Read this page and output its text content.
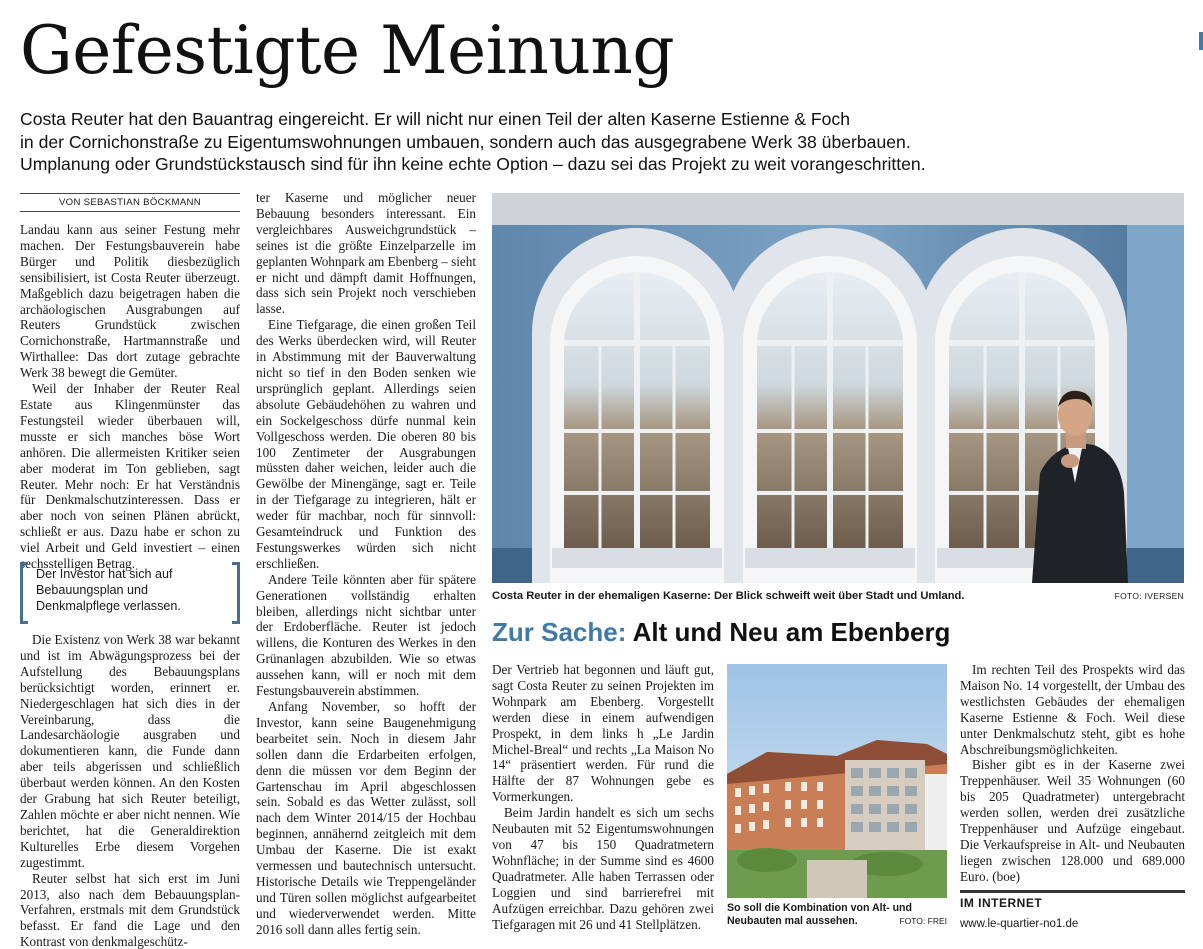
Gefestigte Meinung

Costa Reuter hat den Bauantrag eingereicht. Er will nicht nur einen Teil der alten Kaserne Estienne & Foch

in der Cornichonstraße zu Eigentumswohnungen umbauen, sondern auch das ausgegrabene Werk 38 überbauen.

Umplanung oder Grundstückstausch sind für ihn keine echte Option – dazu sei das Projekt zu weit vorangeschritten.

VON SEBASTIAN BÖCKMANN

Landau kann aus seiner Festung mehr machen. Der Festungsbauverein habe Bürger und Politik diesbezüglich sensibilisiert, ist Costa Reuter überzeugt. Maßgeblich dazu beigetragen haben die archäologischen Ausgrabungen auf Reuters Grundstück zwischen Cornichonstraße, Hartmannstraße und Wirthallee: Das dort zutage gebrachte Werk 38 bewegt die Gemüter.

Weil der Inhaber der Reuter Real Estate aus Klingenmünster das Festungsteil wieder überbauen will, musste er sich manches böse Wort anhören. Die allermeisten Kritiker seien aber moderat im Ton geblieben, sagt Reuter. Mehr noch: Er hat Verständnis für Denkmalschutzinteressen. Dass er aber noch von seinen Plänen abrückt, schließt er aus. Dazu habe er schon zu viel Arbeit und Geld investiert – einen sechsstelligen Betrag.

Der Investor hat sich auf Bebauungsplan und Denkmalpflege verlassen.

Die Existenz von Werk 38 war bekannt und ist im Abwägungsprozess bei der Aufstellung des Bebauungsplans berücksichtigt worden, erinnert er. Niedergeschlagen hat sich dies in der Vereinbarung, dass die Landesarchäologie ausgraben und dokumentieren kann, die Funde dann aber teils abgerissen und schließlich überbaut werden können. An den Kosten der Grabung hat sich Reuter beteiligt, Zahlen möchte er aber nicht nennen. Wie berichtet, hat die Generaldirektion Kulturelles Erbe diesem Vorgehen zugestimmt.

Reuter selbst hat sich erst im Juni 2013, also nach dem Bebauungsplan-Verfahren, erstmals mit dem Grundstück befasst. Er fand die Lage und den Kontrast von denkmalgeschütz-

ter Kaserne und möglicher neuer Bebauung besonders interessant. Ein vergleichbares Ausweichgrundstück – seines ist die größte Einzelparzelle im geplanten Wohnpark am Ebenberg – sieht er nicht und dämpft damit Hoffnungen, dass sich sein Projekt noch verschieben lasse.

Eine Tiefgarage, die einen großen Teil des Werks überdecken wird, will Reuter in Abstimmung mit der Bauverwaltung nicht so tief in den Boden senken wie ursprünglich geplant. Allerdings seien absolute Gebäudehöhen zu wahren und ein Sockelgeschoss dürfe nunmal kein Vollgeschoss werden. Die oberen 80 bis 100 Zentimeter der Ausgrabungen müssten daher weichen, leider auch die Gewölbe der Minengänge, sagt er. Teile in der Tiefgarage zu integrieren, hält er weder für machbar, noch für sinnvoll: Gesamteindruck und Funktion des Festungswerkes würden sich nicht erschließen.

Andere Teile könnten aber für spätere Generationen vollständig erhalten bleiben, allerdings nicht sichtbar unter der Erdoberfläche. Reuter ist jedoch willens, die Konturen des Werkes in den Grünanlagen abzubilden. Wie so etwas aussehen kann, will er noch mit dem Festungsbauverein abstimmen.

Anfang November, so hofft der Investor, kann seine Baugenehmigung bearbeitet sein. Noch in diesem Jahr sollen dann die Erdarbeiten erfolgen, denn die müssen vor dem Beginn der Gartenschau im April abgeschlossen sein. Sobald es das Wetter zulässt, soll nach dem Winter 2014/15 der Hochbau beginnen, annähernd zeitgleich mit dem Umbau der Kaserne. Die ist exakt vermessen und bautechnisch untersucht. Historische Details wie Treppengeländer und Türen sollen möglichst aufgearbeitet und wiederverwendet werden. Mitte 2016 soll dann alles fertig sein.

Costa Reuter in der ehemaligen Kaserne: Der Blick schweift weit über Stadt und Umland.	FOTO: IVERSEN
Zur Sache: Alt und Neu am Ebenberg

Der Vertrieb hat begonnen und läuft gut, sagt Costa Reuter zu seinen Projekten im Wohnpark am Ebenberg. Vorgestellt werden diese in einem aufwendigen Prospekt, in dem links h „Le Jardin Michel-Breal“ und rechts „La Maison No 14“ präsentiert werden. Für rund die Hälfte der 87 Wohnungen gebe es Vormerkungen.

Beim Jardin handelt es sich um sechs Neubauten mit 52 Eigentumswohnungen von 47 bis 150 Quadratmetern Wohnfläche; in der Summe sind es 4600 Quadratmeter. Alle haben Terrassen oder Loggien und sind barrierefrei mit Aufzügen erreichbar. Dazu gehören zwei Tiefgaragen mit 26 und 41 Stellplätzen.

So soll die Kombination von Alt- und Neubauten mal aussehen.	FOTO: FREI

Im rechten Teil des Prospekts wird das Maison No. 14 vorgestellt, der Umbau des westlichsten Gebäudes der ehemaligen Kaserne Estienne & Foch. Weil diese unter Denkmalschutz steht, gibt es hohe Abschreibungsmöglichkeiten.

Bisher gibt es in der Kaserne zwei Treppenhäuser. Weil 35 Wohnungen (60 bis 205 Quadratmeter) untergebracht werden sollen, werden drei zusätzliche Treppenhäuser und Aufzüge eingebaut. Die Verkaufspreise in Alt- und Neubauten liegen zwischen 128.000 und 689.000 Euro. (boe)

IM INTERNET
www.le-quartier-no1.de
